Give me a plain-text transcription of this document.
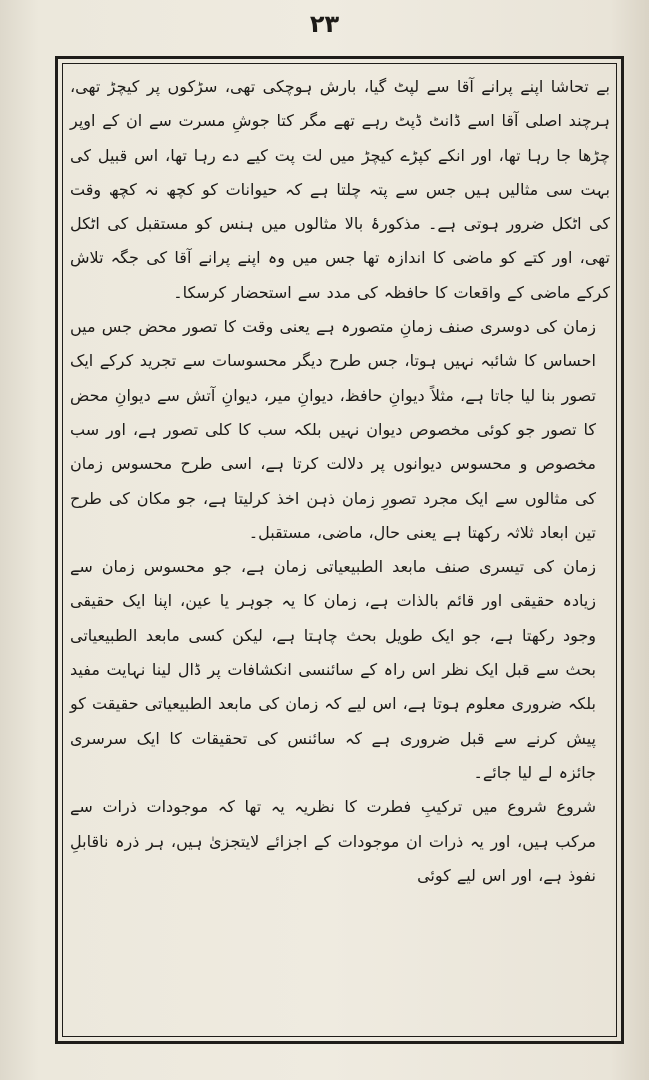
۲۳

بے تحاشا اپنے پرانے آقا سے لپٹ گیا، بارش ہوچکی تھی، سڑکوں پر کیچڑ تھی، ہرچند اصلی آقا اسے ڈانٹ ڈپٹ رہے تھے مگر کتا جوشِ مسرت سے ان کے اوپر چڑھا جا رہا تھا، اور انکے کپڑے کیچڑ میں لت پت کیے دے رہا تھا، اس قبیل کی بہت سی مثالیں ہیں جس سے پتہ چلتا ہے کہ حیوانات کو کچھ نہ کچھ وقت کی اٹکل ضرور ہوتی ہے۔ مذکورۂ بالا مثالوں میں ہنس کو مستقبل کی اٹکل تھی، اور کتے کو ماضی کا اندازہ تھا جس میں وہ اپنے پرانے آقا کی جگہ تلاش کرکے ماضی کے واقعات کا حافظہ کی مدد سے استحضار کرسکا۔

زمان کی دوسری صنف زمانِ متصورہ ہے یعنی وقت کا تصور محض جس میں احساس کا شائبہ نہیں ہوتا، جس طرح دیگر محسوسات سے تجرید کرکے ایک تصور بنا لیا جاتا ہے، مثلاً دیوانِ حافظ، دیوانِ میر، دیوانِ آتش سے دیوانِ محض کا تصور جو کوئی مخصوص دیوان نہیں بلکہ سب کا کلی تصور ہے، اور سب مخصوص و محسوس دیوانوں پر دلالت کرتا ہے، اسی طرح محسوس زمان کی مثالوں سے ایک مجرد تصورِ زمان ذہن اخذ کرلیتا ہے، جو مکان کی طرح تین ابعاد ثلاثہ رکھتا ہے یعنی حال، ماضی، مستقبل۔

زمان کی تیسری صنف مابعد الطبیعیاتی زمان ہے، جو محسوس زمان سے زیادہ حقیقی اور قائم بالذات ہے، زمان کا یہ جوہر یا عین، اپنا ایک حقیقی وجود رکھتا ہے، جو ایک طویل بحث چاہتا ہے، لیکن کسی مابعد الطبیعیاتی بحث سے قبل ایک نظر اس راہ کے سائنسی انکشافات پر ڈال لینا نہایت مفید بلکہ ضروری معلوم ہوتا ہے، اس لیے کہ زمان کی مابعد الطبیعیاتی حقیقت کو پیش کرنے سے قبل ضروری ہے کہ سائنس کی تحقیقات کا ایک سرسری جائزہ لے لیا جائے۔

شروع شروع میں ترکیبِ فطرت کا نظریہ یہ تھا کہ موجودات ذرات سے مرکب ہیں، اور یہ ذرات ان موجودات کے اجزائے لایتجزیٰ ہیں، ہر ذرہ ناقابلِ نفوذ ہے، اور اس لیے کوئی
